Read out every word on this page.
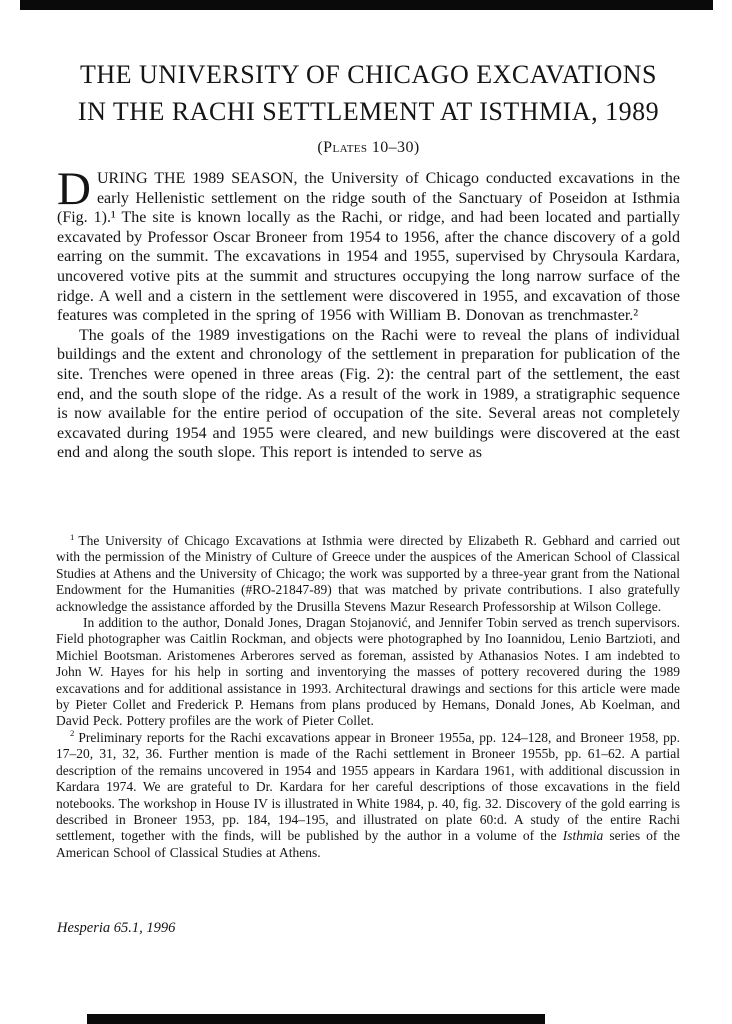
THE UNIVERSITY OF CHICAGO EXCAVATIONS
IN THE RACHI SETTLEMENT AT ISTHMIA, 1989
(Plates 10–30)

DURING THE 1989 SEASON, the University of Chicago conducted excavations in the early Hellenistic settlement on the ridge south of the Sanctuary of Poseidon at Isthmia (Fig. 1).¹ The site is known locally as the Rachi, or ridge, and had been located and partially excavated by Professor Oscar Broneer from 1954 to 1956, after the chance discovery of a gold earring on the summit. The excavations in 1954 and 1955, supervised by Chrysoula Kardara, uncovered votive pits at the summit and structures occupying the long narrow surface of the ridge. A well and a cistern in the settlement were discovered in 1955, and excavation of those features was completed in the spring of 1956 with William B. Donovan as trenchmaster.²

The goals of the 1989 investigations on the Rachi were to reveal the plans of individual buildings and the extent and chronology of the settlement in preparation for publication of the site. Trenches were opened in three areas (Fig. 2): the central part of the settlement, the east end, and the south slope of the ridge. As a result of the work in 1989, a stratigraphic sequence is now available for the entire period of occupation of the site. Several areas not completely excavated during 1954 and 1955 were cleared, and new buildings were discovered at the east end and along the south slope. This report is intended to serve as

$^1$ The University of Chicago Excavations at Isthmia were directed by Elizabeth R. Gebhard and carried out with the permission of the Ministry of Culture of Greece under the auspices of the American School of Classical Studies at Athens and the University of Chicago; the work was supported by a three-year grant from the National Endowment for the Humanities (#RO-21847-89) that was matched by private contributions. I also gratefully acknowledge the assistance afforded by the Drusilla Stevens Mazur Research Professorship at Wilson College.

In addition to the author, Donald Jones, Dragan Stojanović, and Jennifer Tobin served as trench supervisors. Field photographer was Caitlin Rockman, and objects were photographed by Ino Ioannidou, Lenio Bartzioti, and Michiel Bootsman. Aristomenes Arberores served as foreman, assisted by Athanasios Notes. I am indebted to John W. Hayes for his help in sorting and inventorying the masses of pottery recovered during the 1989 excavations and for additional assistance in 1993. Architectural drawings and sections for this article were made by Pieter Collet and Frederick P. Hemans from plans produced by Hemans, Donald Jones, Ab Koelman, and David Peck. Pottery profiles are the work of Pieter Collet.

$^2$ Preliminary reports for the Rachi excavations appear in Broneer 1955a, pp. 124–128, and Broneer 1958, pp. 17–20, 31, 32, 36. Further mention is made of the Rachi settlement in Broneer 1955b, pp. 61–62. A partial description of the remains uncovered in 1954 and 1955 appears in Kardara 1961, with additional discussion in Kardara 1974. We are grateful to Dr. Kardara for her careful descriptions of those excavations in the field notebooks. The workshop in House IV is illustrated in White 1984, p. 40, fig. 32. Discovery of the gold earring is described in Broneer 1953, pp. 184, 194–195, and illustrated on plate 60:d. A study of the entire Rachi settlement, together with the finds, will be published by the author in a volume of the Isthmia series of the American School of Classical Studies at Athens.

Hesperia 65.1, 1996
